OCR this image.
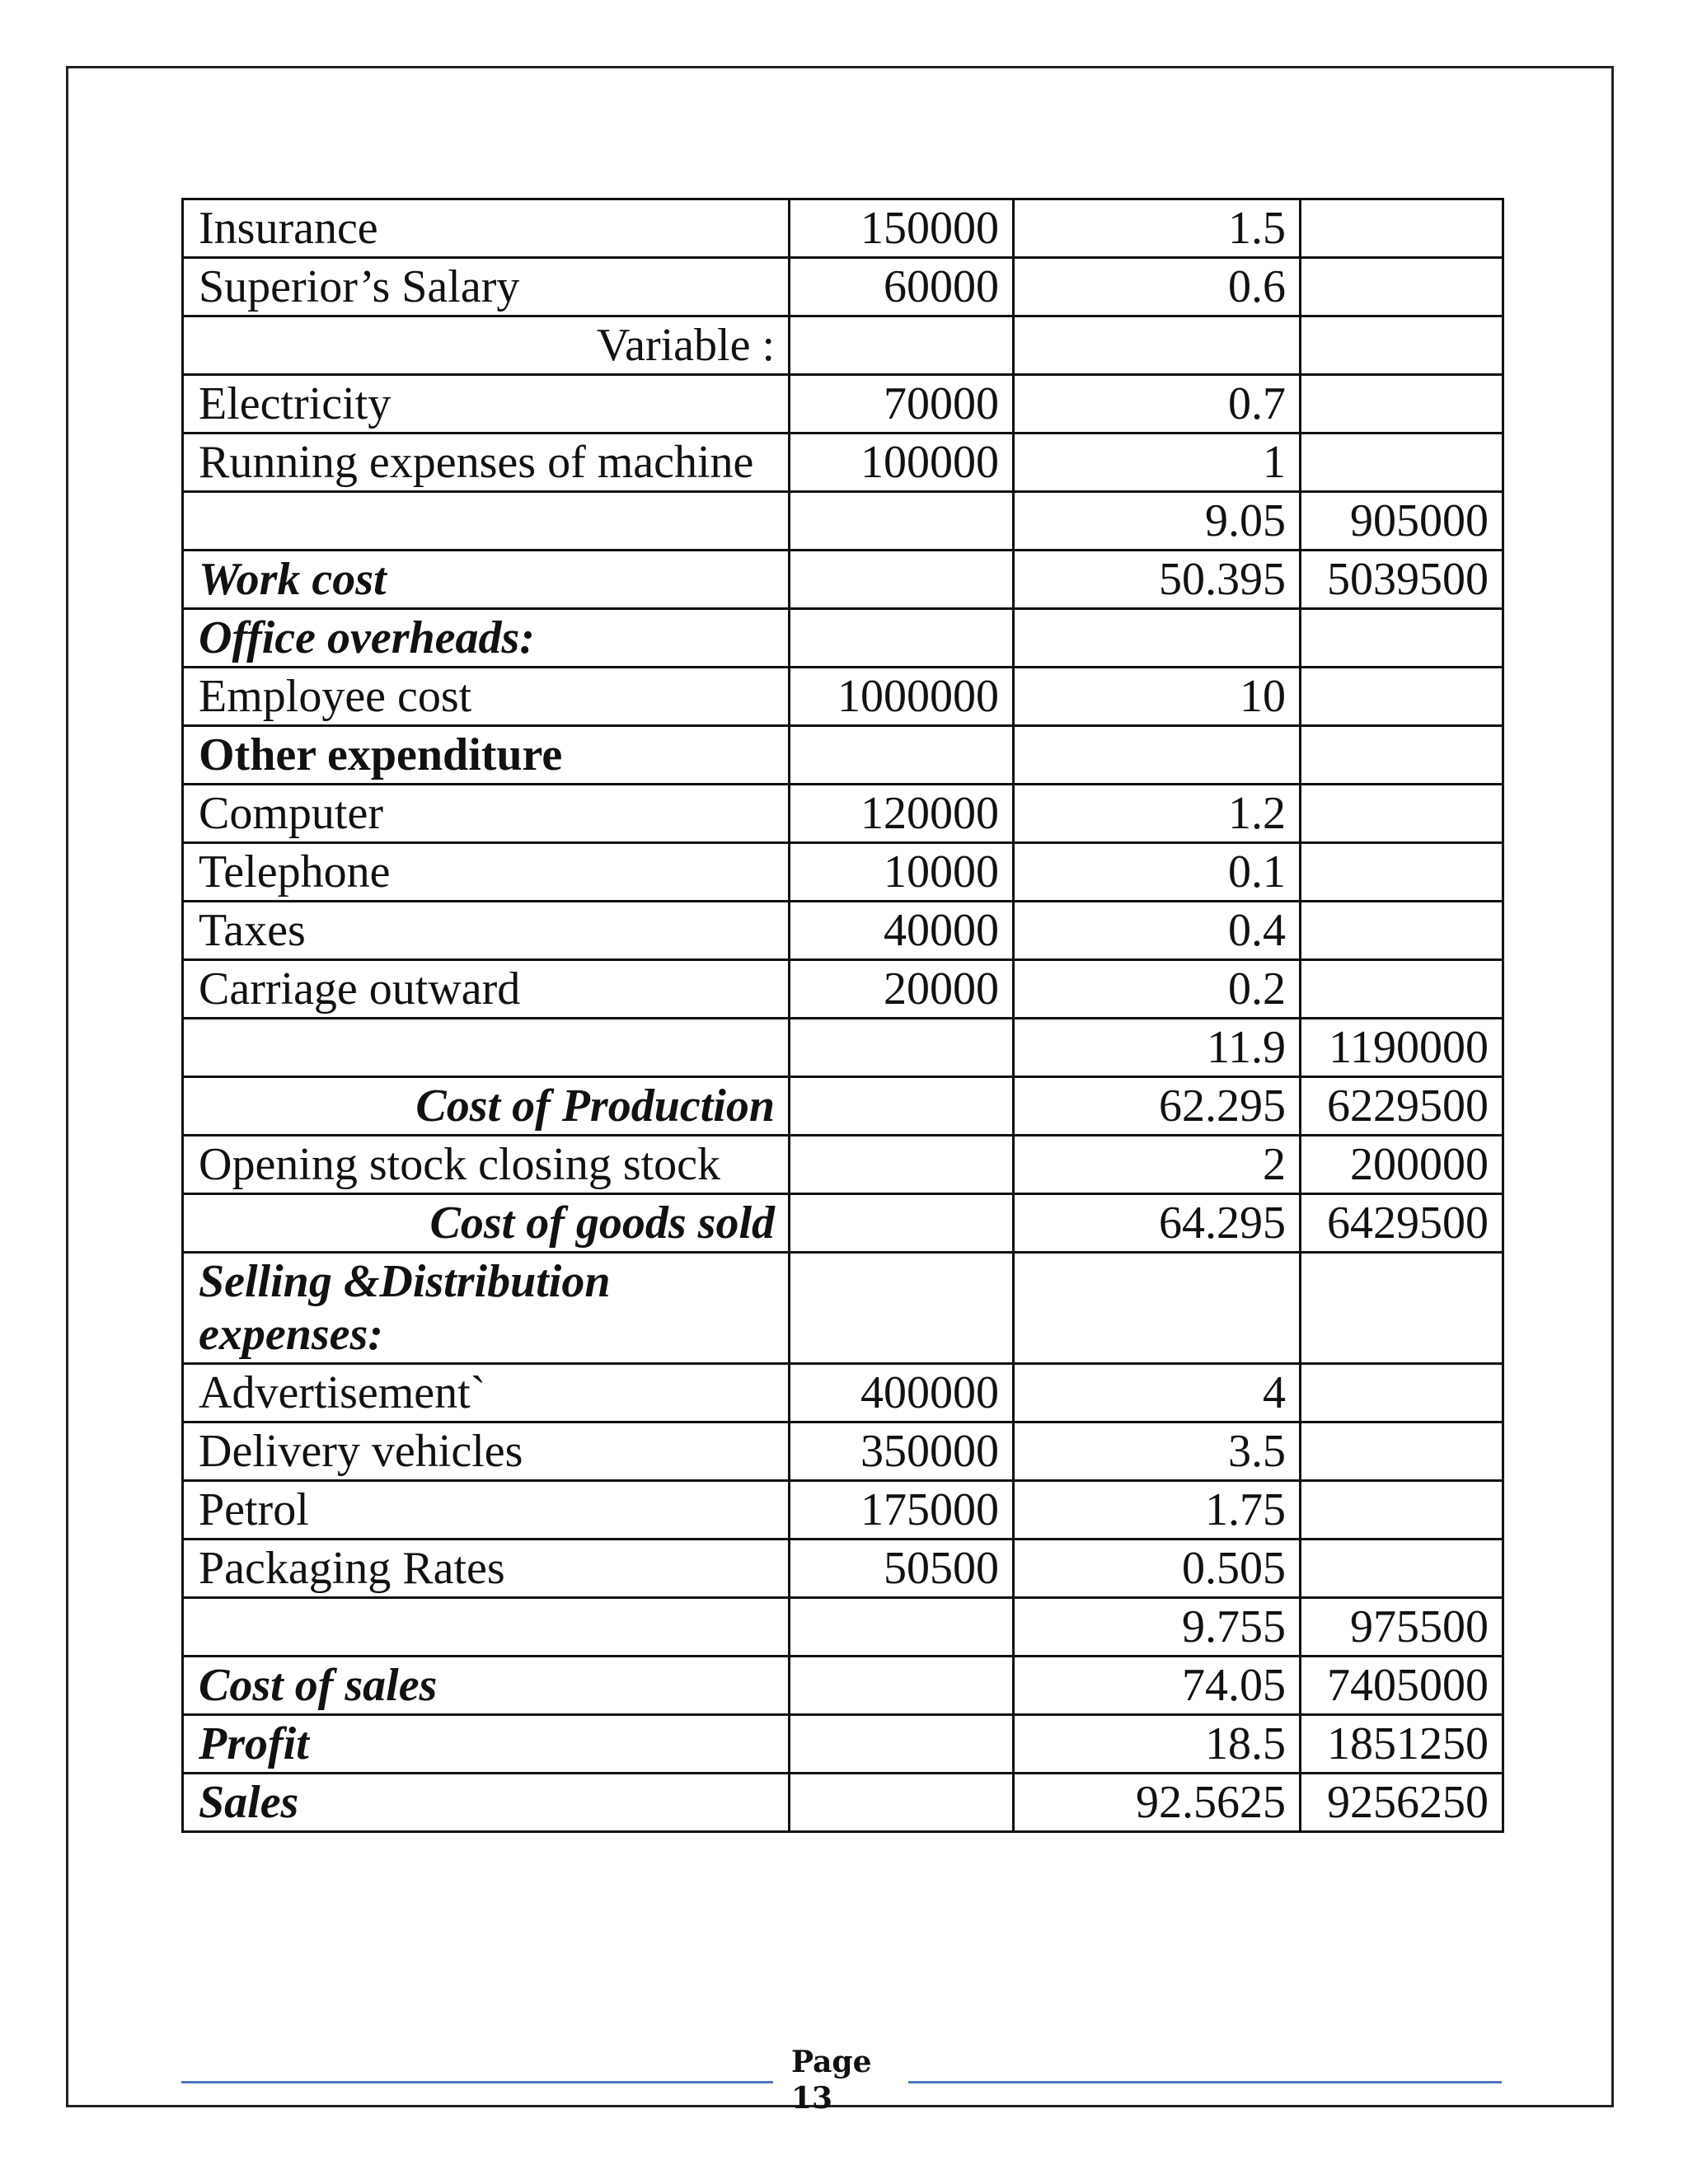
Insurance	150000	1.5	
Superior’s Salary	60000	0.6	
Variable :			
Electricity	70000	0.7	
Running expenses of machine	100000	1	
		9.05	905000
Work cost		50.395	5039500
Office overheads:			
Employee cost	1000000	10	
Other expenditure			
Computer	120000	1.2	
Telephone	10000	0.1	
Taxes	40000	0.4	
Carriage outward	20000	0.2	
		11.9	1190000
Cost of Production		62.295	6229500
Opening stock closing stock		2	200000
Cost of goods sold		64.295	6429500
Selling &Distribution expenses:			
Advertisement`	400000	4	
Delivery vehicles	350000	3.5	
Petrol	175000	1.75	
Packaging Rates	50500	0.505	
		9.755	975500
Cost of sales		74.05	7405000
Profit		18.5	1851250
Sales		92.5625	9256250
Page 13
